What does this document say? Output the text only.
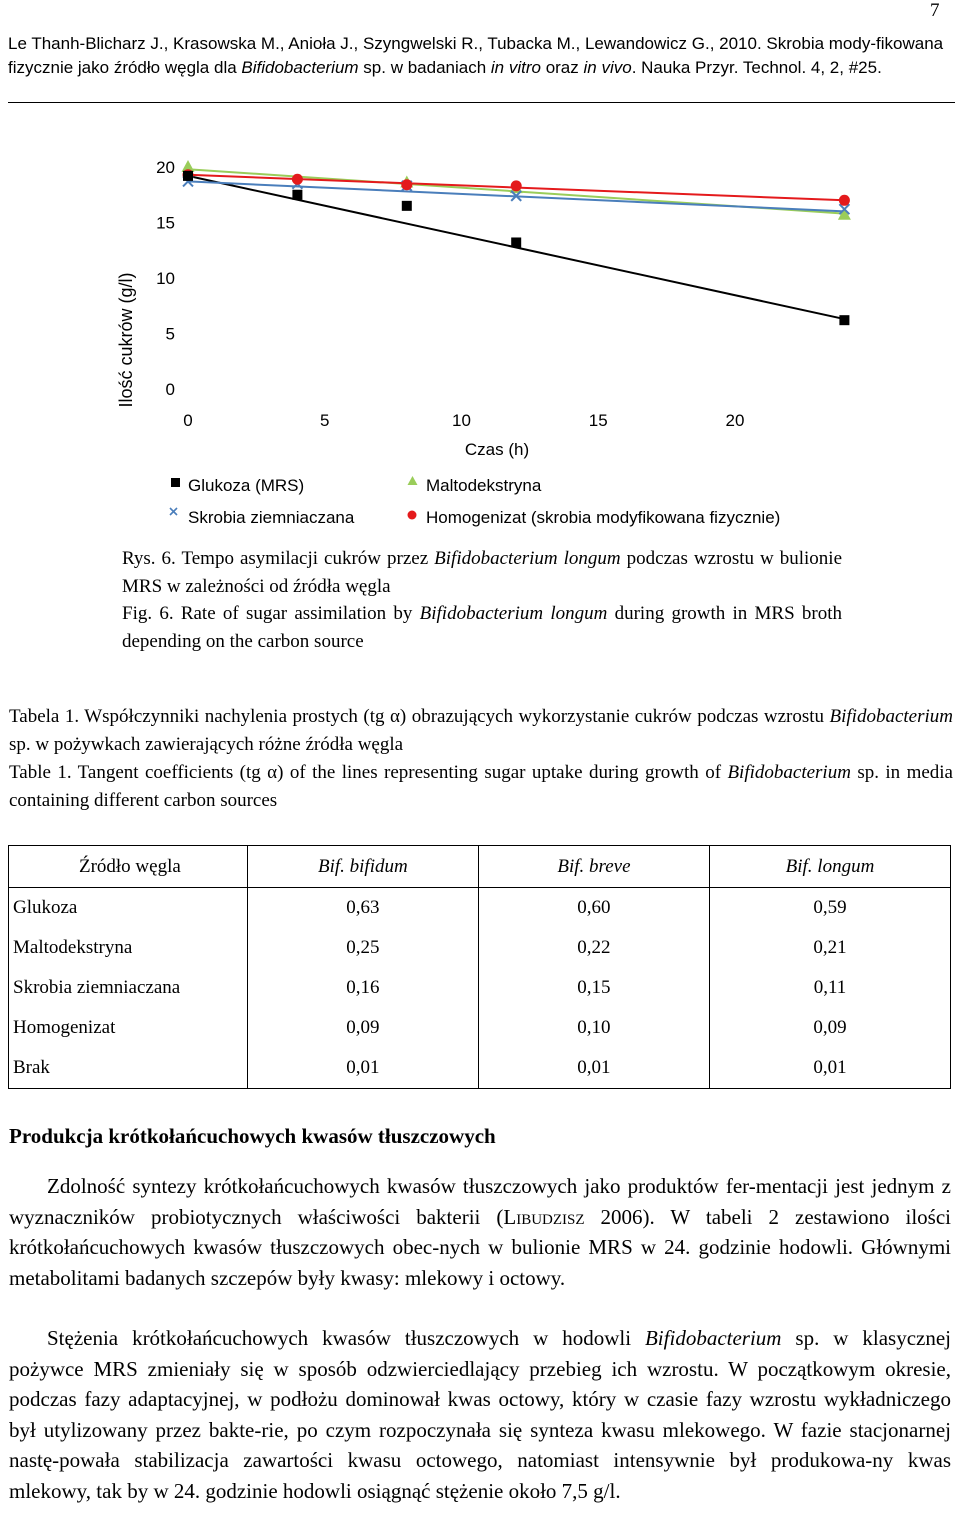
7
Le Thanh-Blicharz J., Krasowska M., Anioła J., Szyngwelski R., Tubacka M., Lewandowicz G., 2010. Skrobia mody-fikowana fizycznie jako źródło węgla dla Bifidobacterium sp. w badaniach in vitro oraz in vivo. Nauka Przyr. Technol. 4, 2, #25.
Ilość cukrów (g/l) 0
5
10
15
20
0	5	10	15	20
Czas (h)
Glukoza (MRS)	Maltodekstryna
Skrobia ziemniaczana	Homogenizat (skrobia modyfikowana fizycznie)
Rys. 6. Tempo asymilacji cukrów przez Bifidobacterium longum podczas wzrostu w bulionie MRS w zależności od źródła węgla
Fig. 6. Rate of sugar assimilation by Bifidobacterium longum during growth in MRS broth depending on the carbon source
Tabela 1. Współczynniki nachylenia prostych (tg α) obrazujących wykorzystanie cukrów podczas wzrostu Bifidobacterium sp. w pożywkach zawierających różne źródła węgla
Table 1. Tangent coefficients (tg α) of the lines representing sugar uptake during growth of Bifidobacterium sp. in media containing different carbon sources
Źródło węgla	Bif. bifidum	Bif. breve	Bif. longum
Glukoza	0,63	0,60	0,59
Maltodekstryna	0,25	0,22	0,21
Skrobia ziemniaczana	0,16	0,15	0,11
Homogenizat	0,09	0,10	0,09
Brak	0,01	0,01	0,01
Produkcja krótkołańcuchowych kwasów tłuszczowych
Zdolność syntezy krótkołańcuchowych kwasów tłuszczowych jako produktów fer-mentacji jest jednym z wyznaczników probiotycznych właściwości bakterii (Libudzisz 2006). W tabeli 2 zestawiono ilości krótkołańcuchowych kwasów tłuszczowych obec-nych w bulionie MRS w 24. godzinie hodowli. Głównymi metabolitami badanych szczepów były kwasy: mlekowy i octowy.
Stężenia krótkołańcuchowych kwasów tłuszczowych w hodowli Bifidobacterium sp. w klasycznej pożywce MRS zmieniały się w sposób odzwierciedlający przebieg ich wzrostu. W początkowym okresie, podczas fazy adaptacyjnej, w podłożu dominował kwas octowy, który w czasie fazy wzrostu wykładniczego był utylizowany przez bakte-rie, po czym rozpoczynała się synteza kwasu mlekowego. W fazie stacjonarnej nastę-powała stabilizacja zawartości kwasu octowego, natomiast intensywnie był produkowa-ny kwas mlekowy, tak by w 24. godzinie hodowli osiągnąć stężenie około 7,5 g/l.
